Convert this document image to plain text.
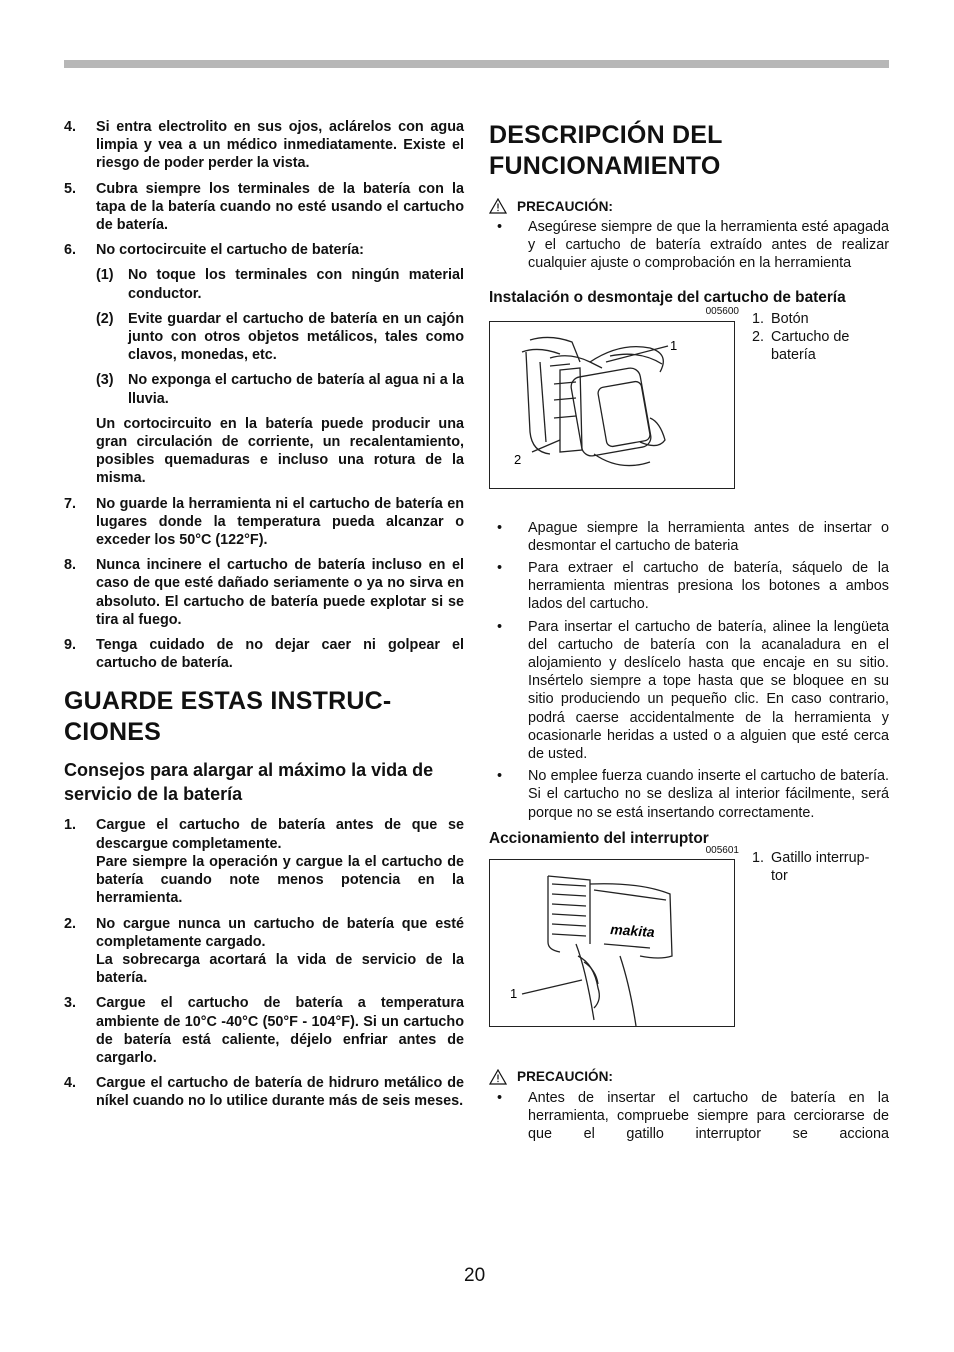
4.	Si entra electrolito en sus ojos, aclárelos con agua limpia y vea a un médico inmediatamente. Existe el riesgo de poder perder la vista.
5.	Cubra siempre los terminales de la batería con la tapa de la batería cuando no esté usando el cartucho de batería.
6.	No cortocircuite el cartucho de batería:
(1)	No toque los terminales con ningún material conductor.
(2)	Evite guardar el cartucho de batería en un cajón junto con otros objetos metálicos, tales como clavos, monedas, etc.
(3)	No exponga el cartucho de batería al agua ni a la lluvia.

Un cortocircuito en la batería puede producir una gran circulación de corriente, un recalentamiento, posibles quemaduras e incluso una rotura de la misma.

7.	No guarde la herramienta ni el cartucho de batería en lugares donde la temperatura pueda alcanzar o exceder los 50°C (122°F).
8.	Nunca incinere el cartucho de batería incluso en el caso de que esté dañado seriamente o ya no sirva en absoluto. El cartucho de batería puede explotar si se tira al fuego.
9.	Tenga cuidado de no dejar caer ni golpear el cartucho de batería.
GUARDE ESTAS INSTRUC-
CIONES
Consejos para alargar al máximo la vida de servicio de la batería
1.	Cargue el cartucho de batería antes de que se descargue completamente.
Pare siempre la operación y cargue la el cartucho de batería cuando note menos potencia en la herramienta.
2.	No cargue nunca un cartucho de batería que esté completamente cargado.
La sobrecarga acortará la vida de servicio de la batería.
3.	Cargue el cartucho de batería a temperatura ambiente de 10°C -40°C (50°F - 104°F). Si un cartucho de batería está caliente, déjelo enfriar antes de cargarlo.
4.	Cargue el cartucho de batería de hidruro metálico de níkel cuando no lo utilice durante más de seis meses.
DESCRIPCIÓN DEL
FUNCIONAMIENTO
PRECAUCIÓN:
•	Asegúrese siempre de que la herramienta esté apagada y el cartucho de batería extraído antes de realizar cualquier ajuste o comprobación en la herramienta
Instalación o desmontaje del cartucho de batería
005600
1
2
1. Botón
2. Cartucho de batería
•	Apague siempre la herramienta antes de insertar o desmontar el cartucho de bateria
•	Para extraer el cartucho de batería, sáquelo de la herramienta mientras presiona los botones a ambos lados del cartucho.
•	Para insertar el cartucho de batería, alinee la lengüeta del cartucho de batería con la acanaladura en el alojamiento y deslícelo hasta que encaje en su sitio. Insértelo siempre a tope hasta que se bloquee en su sitio produciendo un pequeño clic. En caso contrario, podrá caerse accidentalmente de la herramienta y ocasionarle heridas a usted o a alguien que esté cerca de usted.
•	No emplee fuerza cuando inserte el cartucho de batería. Si el cartucho no se desliza al interior fácilmente, será porque no se está insertando correctamente.
Accionamiento del interruptor
005601
makita
1
1. Gatillo interrup-tor
PRECAUCIÓN:
•	Antes de insertar el cartucho de batería en la herramienta, compruebe siempre para cerciorarse de que el gatillo interruptor se acciona
20
